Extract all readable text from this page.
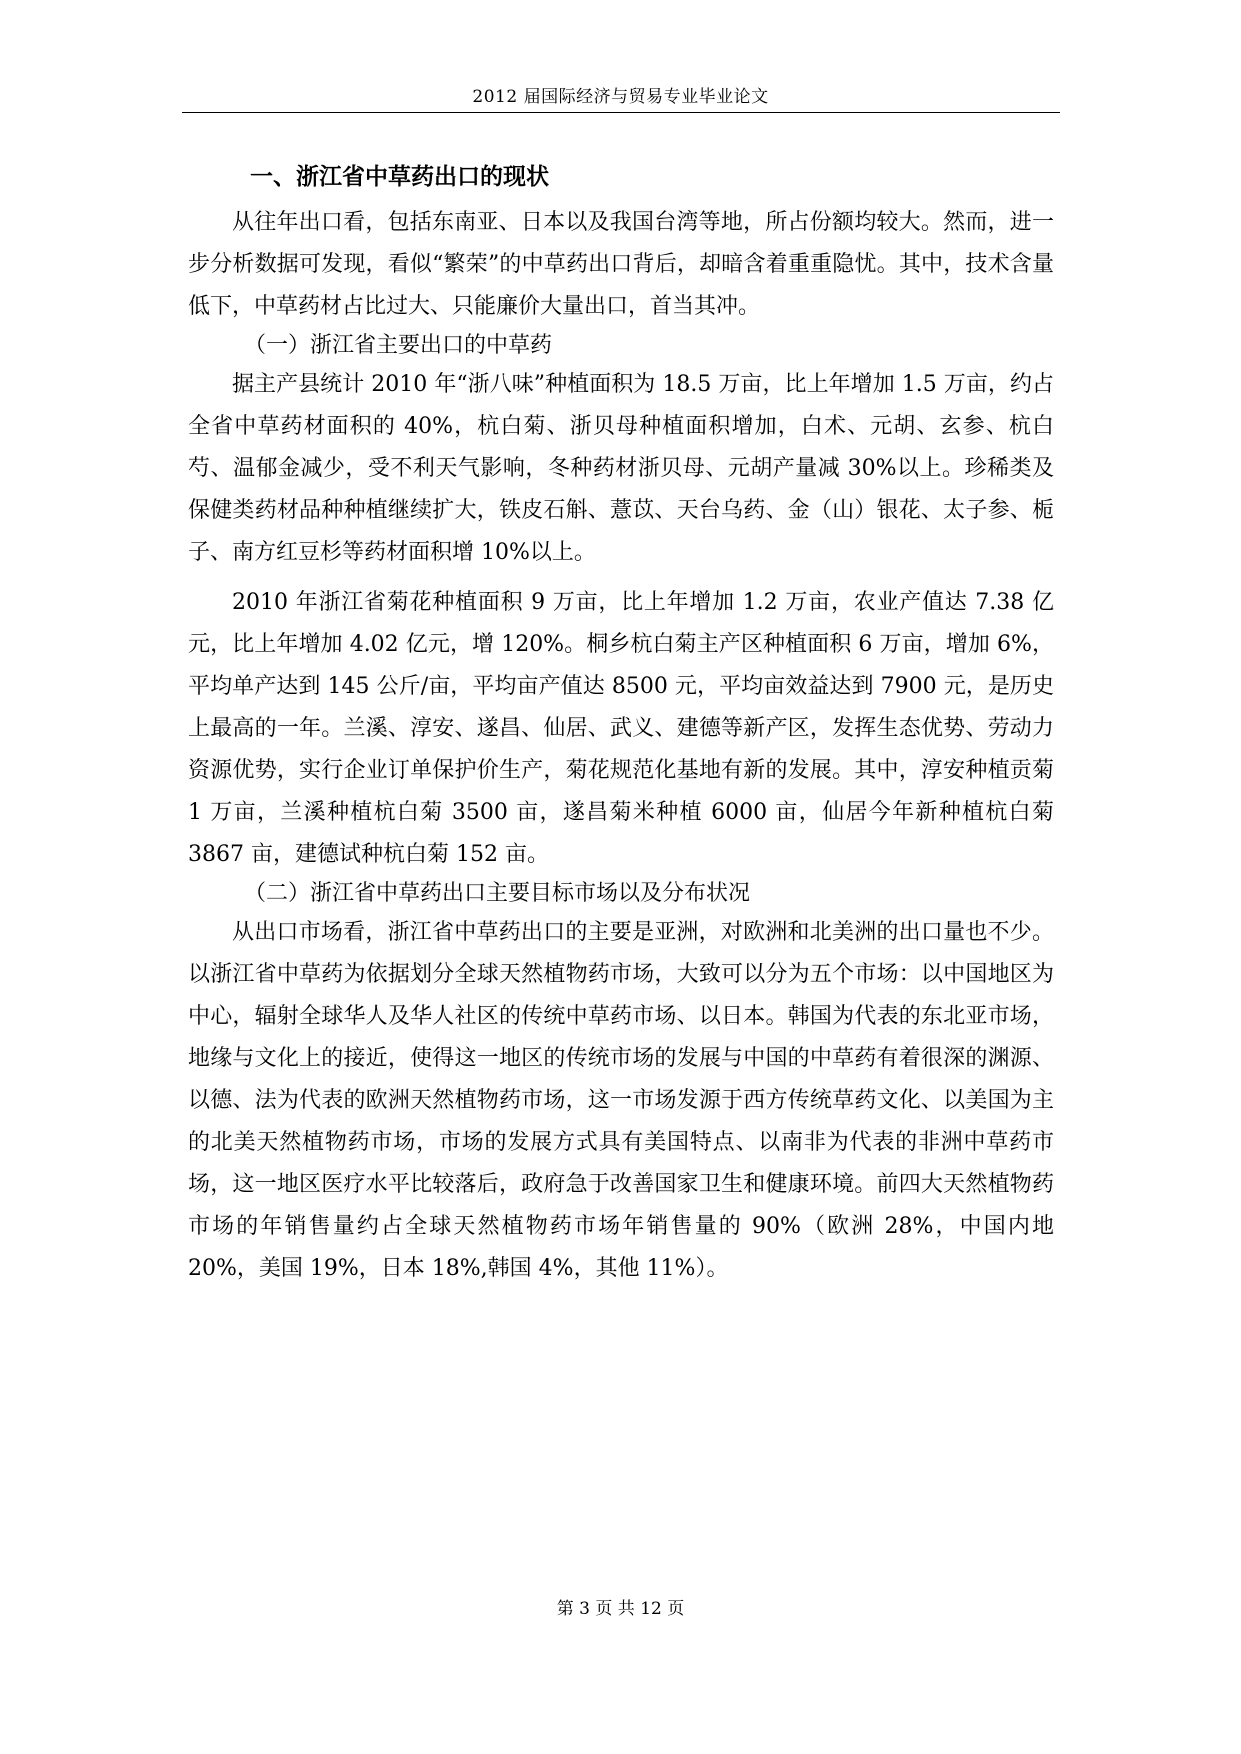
2012 届国际经济与贸易专业毕业论文
一、浙江省中草药出口的现状

从往年出口看，包括东南亚、日本以及我国台湾等地，所占份额均较大。然而，进一步分析数据可发现，看似“繁荣”的中草药出口背后，却暗含着重重隐忧。其中，技术含量低下，中草药材占比过大、只能廉价大量出口，首当其冲。

（一）浙江省主要出口的中草药

据主产县统计 2010 年“浙八味”种植面积为 18.5 万亩，比上年增加 1.5 万亩，约占全省中草药材面积的 40%，杭白菊、浙贝母种植面积增加，白术、元胡、玄参、杭白芍、温郁金减少，受不利天气影响，冬种药材浙贝母、元胡产量减 30%以上。珍稀类及保健类药材品种种植继续扩大，铁皮石斛、薏苡、天台乌药、金（山）银花、太子参、栀子、南方红豆杉等药材面积增 10%以上。

2010 年浙江省菊花种植面积 9 万亩，比上年增加 1.2 万亩，农业产值达 7.38 亿元，比上年增加 4.02 亿元，增 120%。桐乡杭白菊主产区种植面积 6 万亩，增加 6%，平均单产达到 145 公斤/亩，平均亩产值达 8500 元，平均亩效益达到 7900 元，是历史上最高的一年。兰溪、淳安、遂昌、仙居、武义、建德等新产区，发挥生态优势、劳动力资源优势，实行企业订单保护价生产，菊花规范化基地有新的发展。其中，淳安种植贡菊 1 万亩，兰溪种植杭白菊 3500 亩，遂昌菊米种植 6000 亩，仙居今年新种植杭白菊 3867 亩，建德试种杭白菊 152 亩。

（二）浙江省中草药出口主要目标市场以及分布状况

从出口市场看，浙江省中草药出口的主要是亚洲，对欧洲和北美洲的出口量也不少。以浙江省中草药为依据划分全球天然植物药市场，大致可以分为五个市场：以中国地区为中心，辐射全球华人及华人社区的传统中草药市场、以日本。韩国为代表的东北亚市场，地缘与文化上的接近，使得这一地区的传统市场的发展与中国的中草药有着很深的渊源、以德、法为代表的欧洲天然植物药市场，这一市场发源于西方传统草药文化、以美国为主的北美天然植物药市场，市场的发展方式具有美国特点、以南非为代表的非洲中草药市场，这一地区医疗水平比较落后，政府急于改善国家卫生和健康环境。前四大天然植物药市场的年销售量约占全球天然植物药市场年销售量的 90%（欧洲 28%，中国内地 20%，美国 19%，日本 18%,韩国 4%，其他 11%）。

第 3 页 共 12 页
